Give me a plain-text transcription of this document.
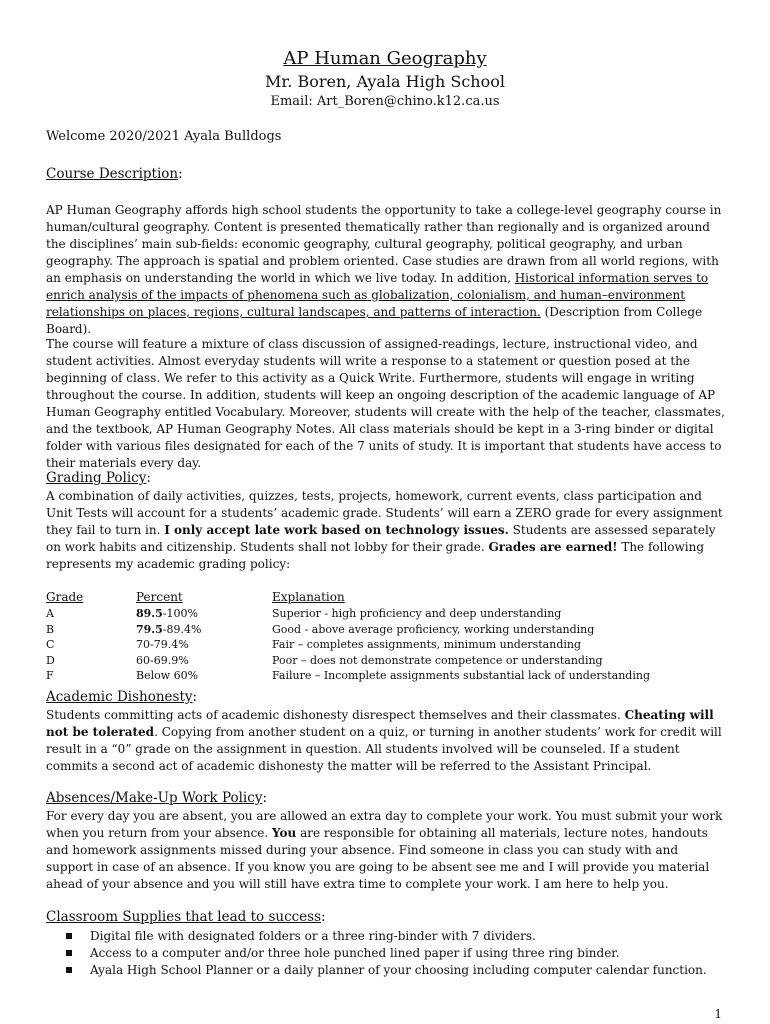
AP Human Geography
Mr. Boren, Ayala High School
Email: Art_Boren@chino.k12.ca.us
Welcome 2020/2021 Ayala Bulldogs
Course Description:
AP Human Geography affords high school students the opportunity to take a college-level geography course in human/cultural geography. Content is presented thematically rather than regionally and is organized around the disciplines’ main sub-fields: economic geography, cultural geography, political geography, and urban geography. The approach is spatial and problem oriented. Case studies are drawn from all world regions, with an emphasis on understanding the world in which we live today. In addition, Historical information serves to enrich analysis of the impacts of phenomena such as globalization, colonialism, and human–environment relationships on places, regions, cultural landscapes, and patterns of interaction. (Description from College Board).
The course will feature a mixture of class discussion of assigned-readings, lecture, instructional video, and student activities. Almost everyday students will write a response to a statement or question posed at the beginning of class. We refer to this activity as a Quick Write. Furthermore, students will engage in writing throughout the course. In addition, students will keep an ongoing description of the academic language of AP Human Geography entitled Vocabulary. Moreover, students will create with the help of the teacher, classmates, and the textbook, AP Human Geography Notes. All class materials should be kept in a 3-ring binder or digital folder with various files designated for each of the 7 units of study. It is important that students have access to their materials every day.
Grading Policy:
A combination of daily activities, quizzes, tests, projects, homework, current events, class participation and Unit Tests will account for a students’ academic grade. Students’ will earn a ZERO grade for every assignment they fail to turn in. I only accept late work based on technology issues. Students are assessed separately on work habits and citizenship. Students shall not lobby for their grade. Grades are earned! The following represents my academic grading policy:
Grade	Percent	Explanation
A	89.5-100%	Superior - high proficiency and deep understanding
B	79.5-89.4%	Good - above average proficiency, working understanding
C	70-79.4%	Fair – completes assignments, minimum understanding
D	60-69.9%	Poor – does not demonstrate competence or understanding
F	Below 60%	Failure – Incomplete assignments substantial lack of understanding
Academic Dishonesty:
Students committing acts of academic dishonesty disrespect themselves and their classmates. Cheating will not be tolerated. Copying from another student on a quiz, or turning in another students’ work for credit will result in a “0” grade on the assignment in question. All students involved will be counseled. If a student commits a second act of academic dishonesty the matter will be referred to the Assistant Principal.
Absences/Make-Up Work Policy:
For every day you are absent, you are allowed an extra day to complete your work. You must submit your work when you return from your absence. You are responsible for obtaining all materials, lecture notes, handouts and homework assignments missed during your absence. Find someone in class you can study with and support in case of an absence. If you know you are going to be absent see me and I will provide you material ahead of your absence and you will still have extra time to complete your work. I am here to help you.
Classroom Supplies that lead to success:
Digital file with designated folders or a three ring-binder with 7 dividers.
Access to a computer and/or three hole punched lined paper if using three ring binder.
Ayala High School Planner or a daily planner of your choosing including computer calendar function.
1
